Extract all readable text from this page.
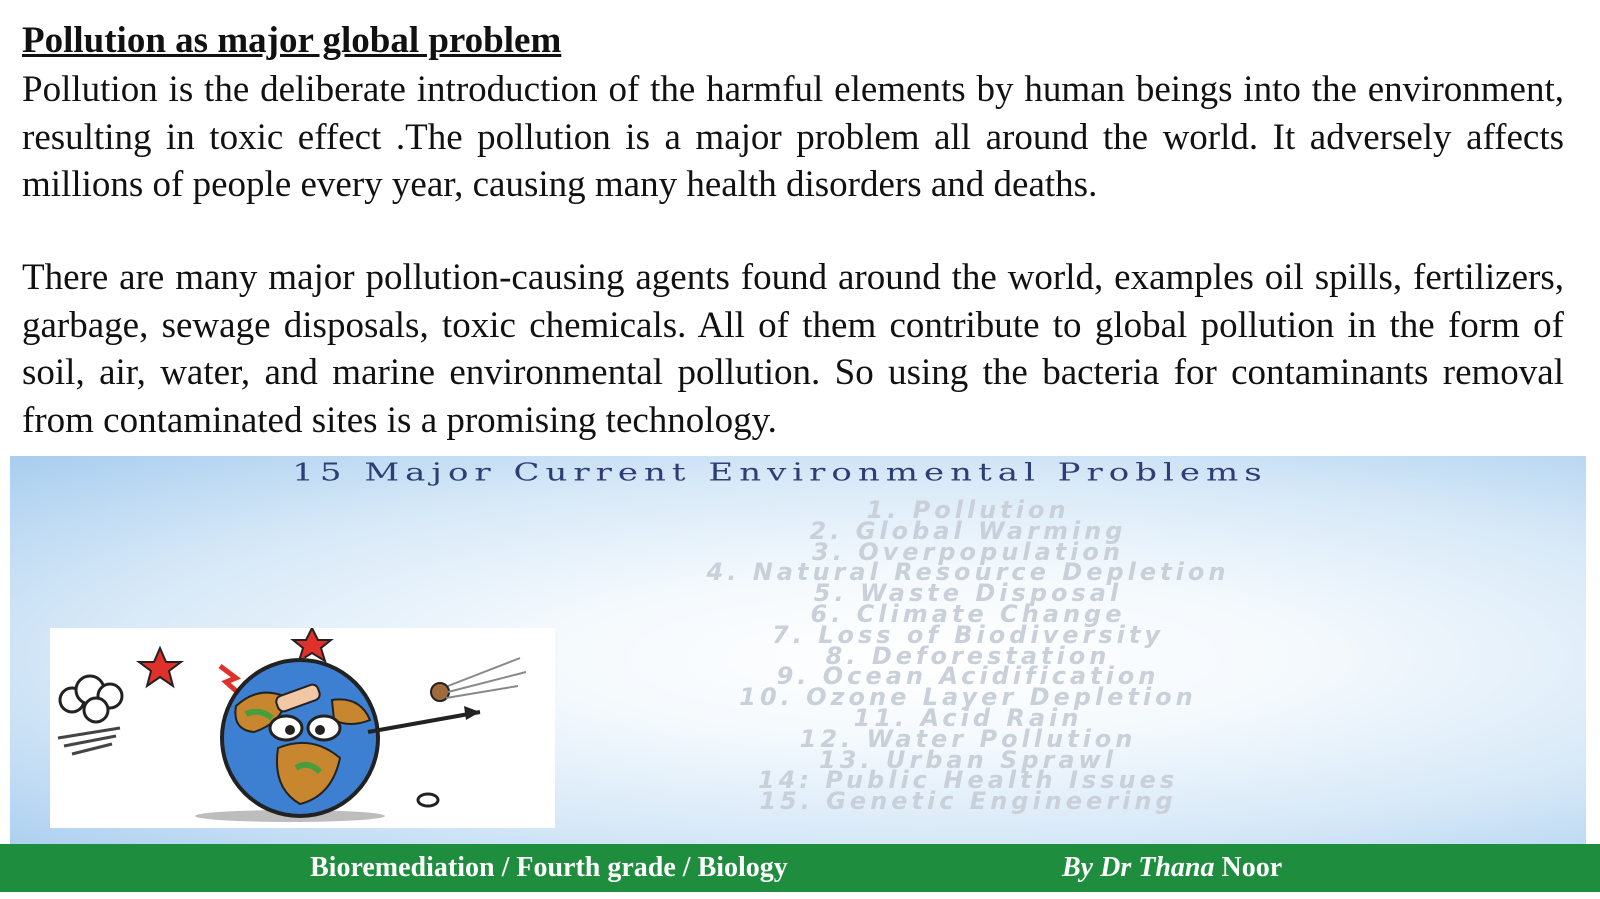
Pollution as major global problem

Pollution is the deliberate introduction of the harmful elements by human beings into the environment, resulting in toxic effect .The pollution is a major problem all around the world. It adversely affects millions of people every year, causing many health disorders and deaths.

There are many major pollution-causing agents found around the world, examples oil spills, fertilizers, garbage, sewage disposals, toxic chemicals. All of them contribute to global pollution in the form of soil, air, water, and marine environmental pollution. So using the bacteria for contaminants removal from contaminated sites is a promising technology.

15 Major Current Environmental Problems
1. Pollution
2. Global Warming
3. Overpopulation
4. Natural Resource Depletion
5. Waste Disposal
6. Climate Change
7. Loss of Biodiversity
8. Deforestation
9. Ocean Acidification
10. Ozone Layer Depletion
11. Acid Rain
12. Water Pollution
13. Urban Sprawl
14: Public Health Issues
15. Genetic Engineering
Bioremediation / Fourth grade / Biology	By Dr Thana Noor
